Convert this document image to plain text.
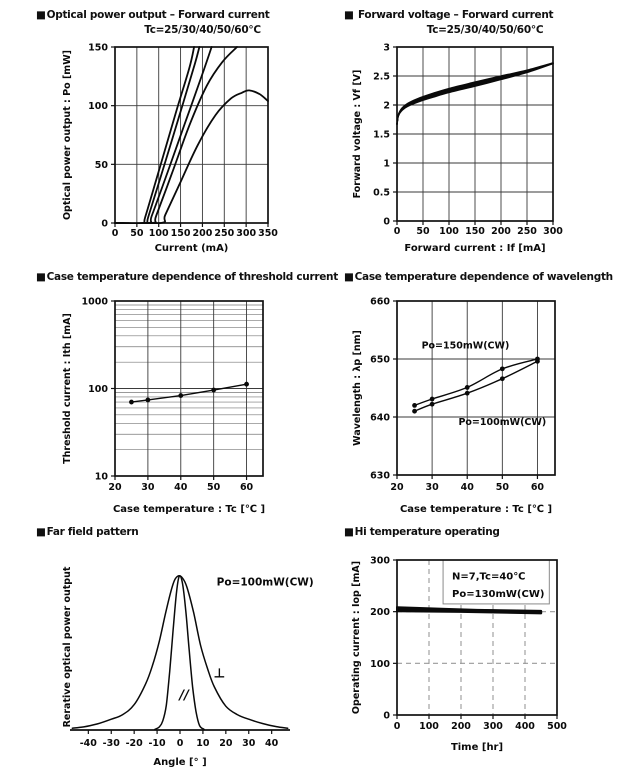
■Optical power output – Forward current
Tc=25/30/40/50/60℃
0 50 100 150 200 250 300 350
0
50
100
150
Current (mA)
Optical power output : Po [mW]
■ Forward voltage – Forward current
Tc=25/30/40/50/60℃
0 50 100 150 200 250 300
0
0.5
1
1.5
2
2.5
3
Forward current : If [mA]
Forward voltage : Vf [V]
■Case temperature dependence of threshold current
20 30 40 50 60
10
100
1000
Case temperature : Tc [℃ ]
Threshold current : Ith [mA]
■Case temperature dependence of wavelength
20 30 40 50 60
630
640
650
660
Po=150mW(CW)
Po=100mW(CW)
Case temperature : Tc [℃ ]
Wavelength : λp [nm]
■Far field pattern
-40 -30 -20 -10 0 10 20 30 40
Po=100mW(CW)
⊥
//
Angle [° ]
Rerative optical power output
■Hi temperature operating
0 100 200 300 400 500
0
100
200
300
N=7,Tc=40℃
Po=130mW(CW)
Time [hr]
Operating current : Iop [mA]
